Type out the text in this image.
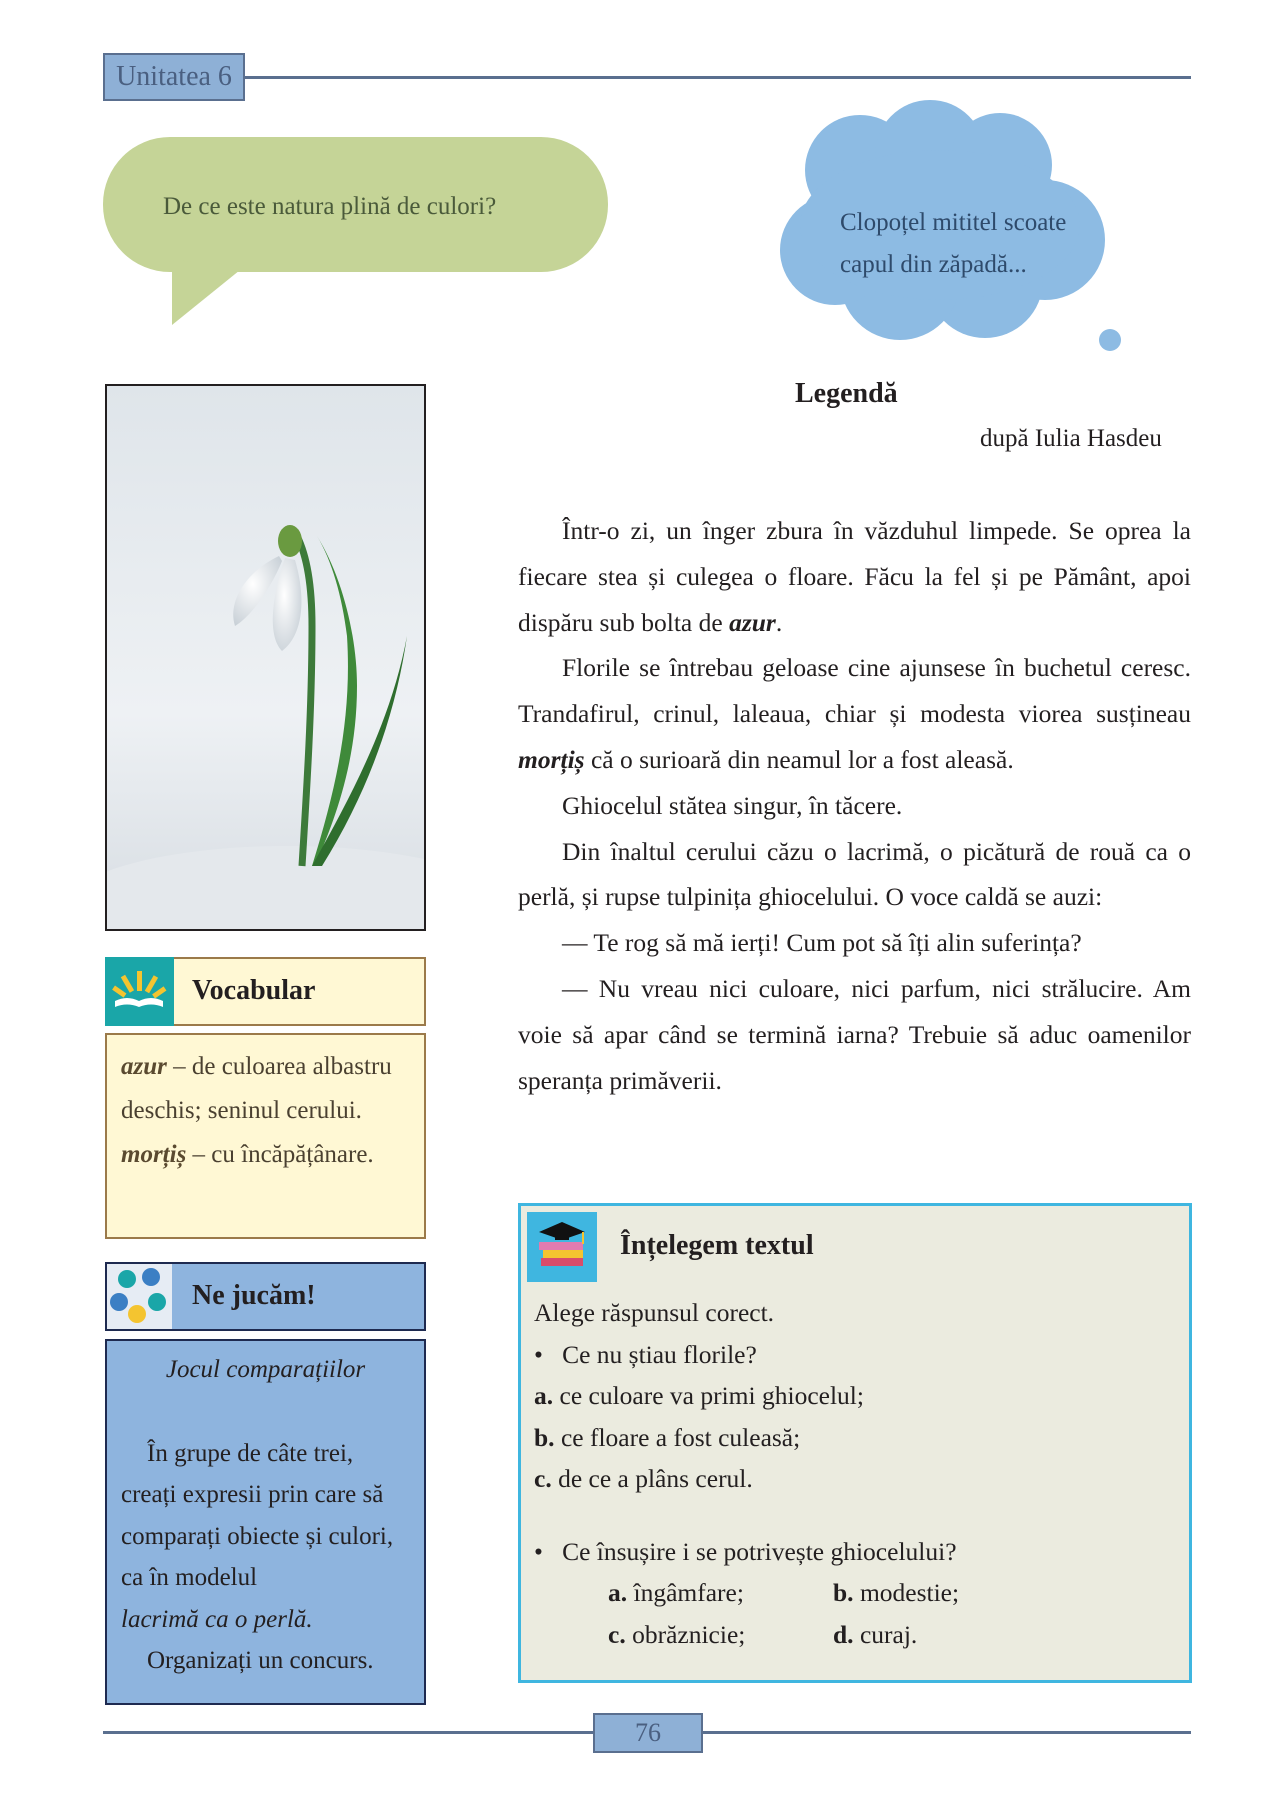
Unitatea 6
De ce este natura plină de culori?
Clopoțel mititel scoate
capul din zăpadă...
Legendă
după Iulia Hasdeu

Într-o zi, un înger zbura în văzduhul limpede. Se oprea la fiecare stea și culegea o floare. Făcu la fel și pe Pământ, apoi dispăru sub bolta de azur.

Florile se întrebau geloase cine ajunsese în buchetul ceresc. Trandafirul, crinul, laleaua, chiar și modesta viorea susțineau morțiș că o surioară din neamul lor a fost aleasă.

Ghiocelul stătea singur, în tăcere.

Din înaltul cerului căzu o lacrimă, o picătură de rouă ca o perlă, și rupse tulpinița ghiocelului. O voce caldă se auzi:

— Te rog să mă ierți! Cum pot să îți alin suferința?

— Nu vreau nici culoare, nici parfum, nici strălucire. Am voie să apar când se termină iarna? Trebuie să aduc oamenilor speranța primăverii.

Vocabular
azur – de culoarea albastru deschis; seninul cerului.
morțiș – cu încăpățânare.
Ne jucăm!
Jocul comparațiilor
În grupe de câte trei, creați expresii prin care să comparați obiecte și culori, ca în modelul
lacrimă ca o perlă.
Organizați un concurs.
Înțelegem textul
Alege răspunsul corect.
•   Ce nu știau florile?
a. ce culoare va primi ghiocelul;
b. ce floare a fost culeasă;
c. de ce a plâns cerul.
•   Ce însușire i se potrivește ghiocelului?
a. îngâmfare;	b. modestie;
c. obrăznicie;	d. curaj.
76
